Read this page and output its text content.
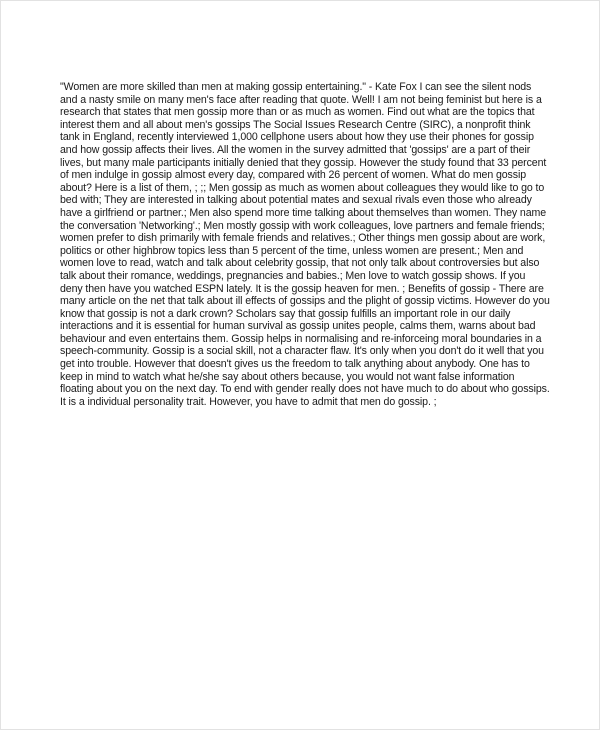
"Women are more skilled than men at making gossip entertaining." - Kate Fox I can see the silent nods and a nasty smile on many men's face after reading that quote. Well! I am not being feminist but here is a research that states that men gossip more than or as much as women. Find out what are the topics that interest them and all about men's gossips The Social Issues Research Centre (SIRC), a nonprofit think tank in England, recently interviewed 1,000 cellphone users about how they use their phones for gossip and how gossip affects their lives. All the women in the survey admitted that 'gossips' are a part of their lives, but many male participants initially denied that they gossip. However the study found that 33 percent of men indulge in gossip almost every day, compared with 26 percent of women. What do men gossip about? Here is a list of them, ; ;; Men gossip as much as women about colleagues they would like to go to bed with; They are interested in talking about potential mates and sexual rivals even those who already have a girlfriend or partner.; Men also spend more time talking about themselves than women. They name the conversation 'Networking'.; Men mostly gossip with work colleagues, love partners and female friends; women prefer to dish primarily with female friends and relatives.; Other things men gossip about are work, politics or other highbrow topics less than 5 percent of the time, unless women are present.; Men and women love to read, watch and talk about celebrity gossip, that not only talk about controversies but also talk about their romance, weddings, pregnancies and babies.; Men love to watch gossip shows. If you deny then have you watched ESPN lately. It is the gossip heaven for men. ; Benefits of gossip - There are many article on the net that talk about ill effects of gossips and the plight of gossip victims. However do you know that gossip is not a dark crown? Scholars say that gossip fulfills an important role in our daily interactions and it is essential for human survival as gossip unites people, calms them, warns about bad behaviour and even entertains them. Gossip helps in normalising and re-inforceing moral boundaries in a speech-community. Gossip is a social skill, not a character flaw. It's only when you don't do it well that you get into trouble. However that doesn't gives us the freedom to talk anything about anybody. One has to keep in mind to watch what he/she say about others because, you would not want false information floating about you on the next day. To end with gender really does not have much to do about who gossips. It is a individual personality trait. However, you have to admit that men do gossip. ;
